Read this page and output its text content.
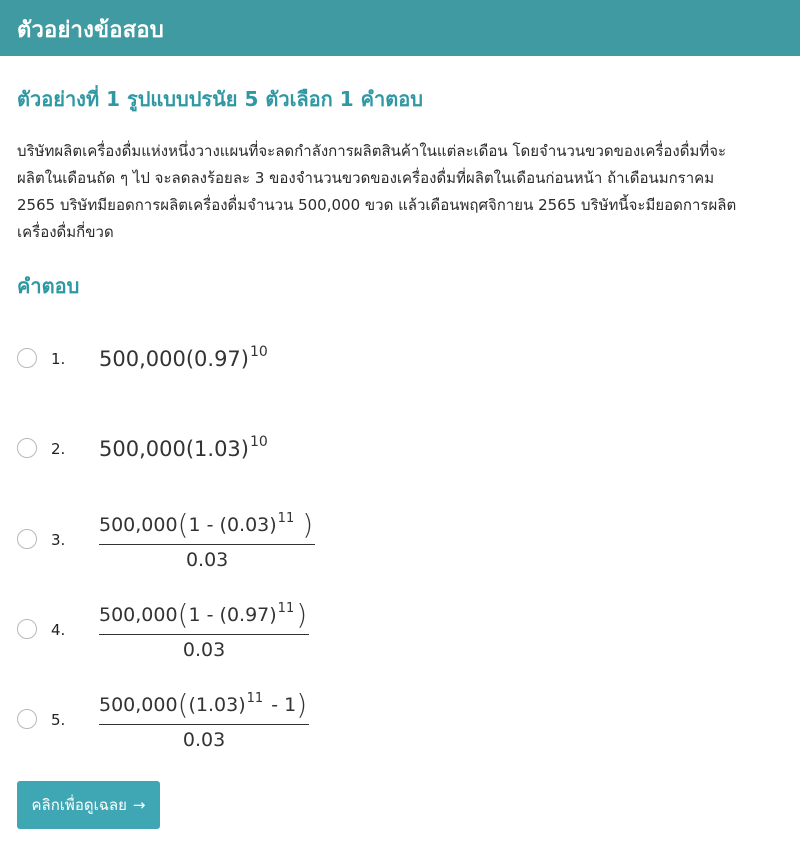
ตัวอย่างข้อสอบ
ตัวอย่างที่ 1 รูปแบบปรนัย 5 ตัวเลือก 1 คำตอบ
บริษัทผลิตเครื่องดื่มแห่งหนึ่งวางแผนที่จะลดกำลังการผลิตสินค้าในแต่ละเดือน โดยจำนวนขวดของเครื่องดื่มที่จะ
ผลิตในเดือนถัด ๆ ไป จะลดลงร้อยละ 3 ของจำนวนขวดของเครื่องดื่มที่ผลิตในเดือนก่อนหน้า ถ้าเดือนมกราคม
2565 บริษัทมียอดการผลิตเครื่องดื่มจำนวน 500,000 ขวด แล้วเดือนพฤศจิกายน 2565 บริษัทนี้จะมียอดการผลิต
เครื่องดื่มกี่ขวด
คำตอบ
1. $500,000(0.97)^{10}$
2. $500,000(1.03)^{10}$
3. $\frac{500,000(1 - (0.03)^{11} )}{0.03}$
4. $\frac{500,000(1 - (0.97)^{11})}{0.03}$
5. $\frac{500,000((1.03)^{11} - 1)}{0.03}$
คลิกเพื่อดูเฉลย →
